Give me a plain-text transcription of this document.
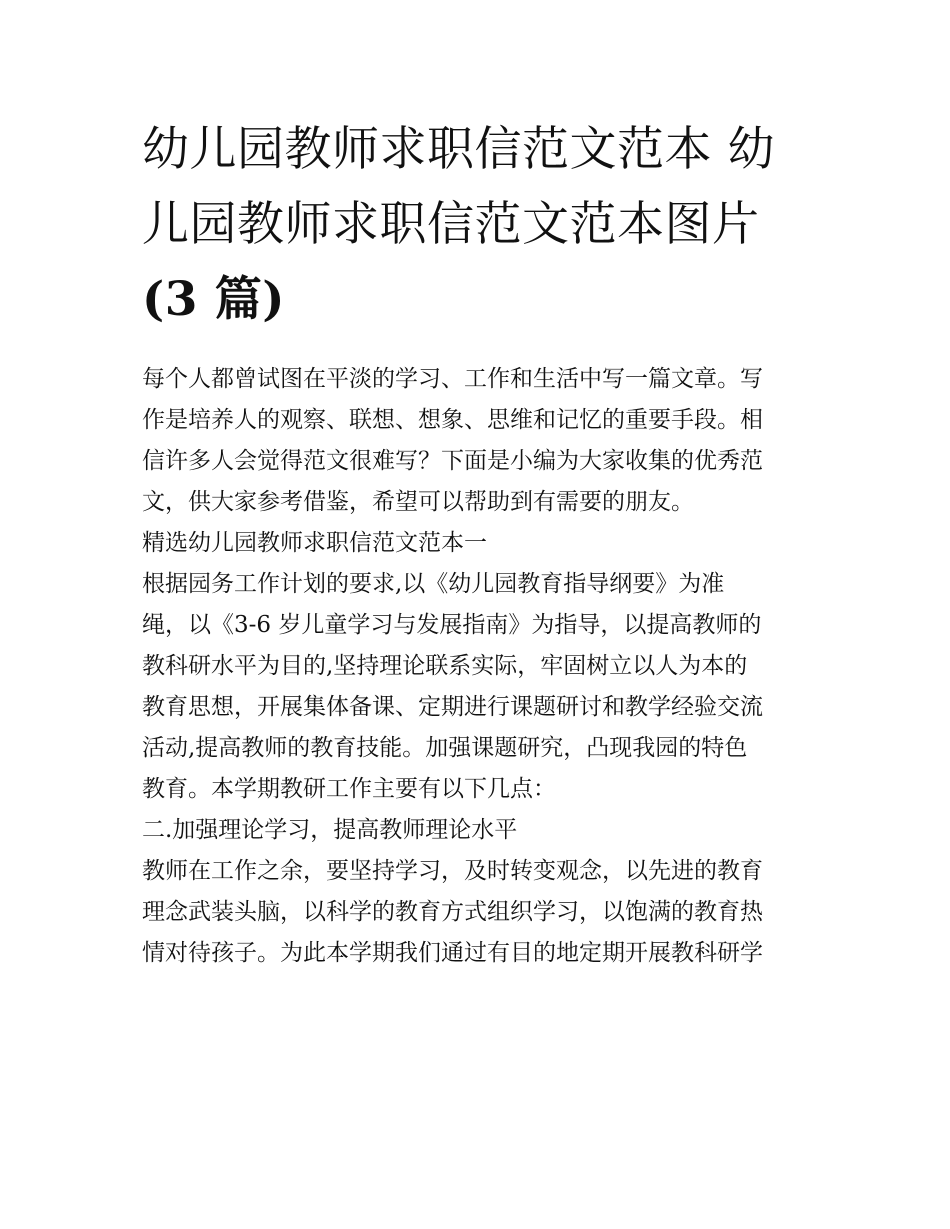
幼儿园教师求职信范文范本 幼
儿园教师求职信范文范本图片
(3 篇)
每个人都曾试图在平淡的学习、工作和生活中写一篇文章。写
作是培养人的观察、联想、想象、思维和记忆的重要手段。相
信许多人会觉得范文很难写？下面是小编为大家收集的优秀范
文，供大家参考借鉴，希望可以帮助到有需要的朋友。
精选幼儿园教师求职信范文范本一
根据园务工作计划的要求,以《幼儿园教育指导纲要》为准
绳，以《3-6 岁儿童学习与发展指南》为指导，以提高教师的
教科研水平为目的,坚持理论联系实际，牢固树立以人为本的
教育思想，开展集体备课、定期进行课题研讨和教学经验交流
活动,提高教师的教育技能。加强课题研究，凸现我园的特色
教育。本学期教研工作主要有以下几点：
二.加强理论学习，提高教师理论水平
教师在工作之余，要坚持学习，及时转变观念，以先进的教育
理念武装头脑，以科学的教育方式组织学习，以饱满的教育热
情对待孩子。为此本学期我们通过有目的地定期开展教科研学
